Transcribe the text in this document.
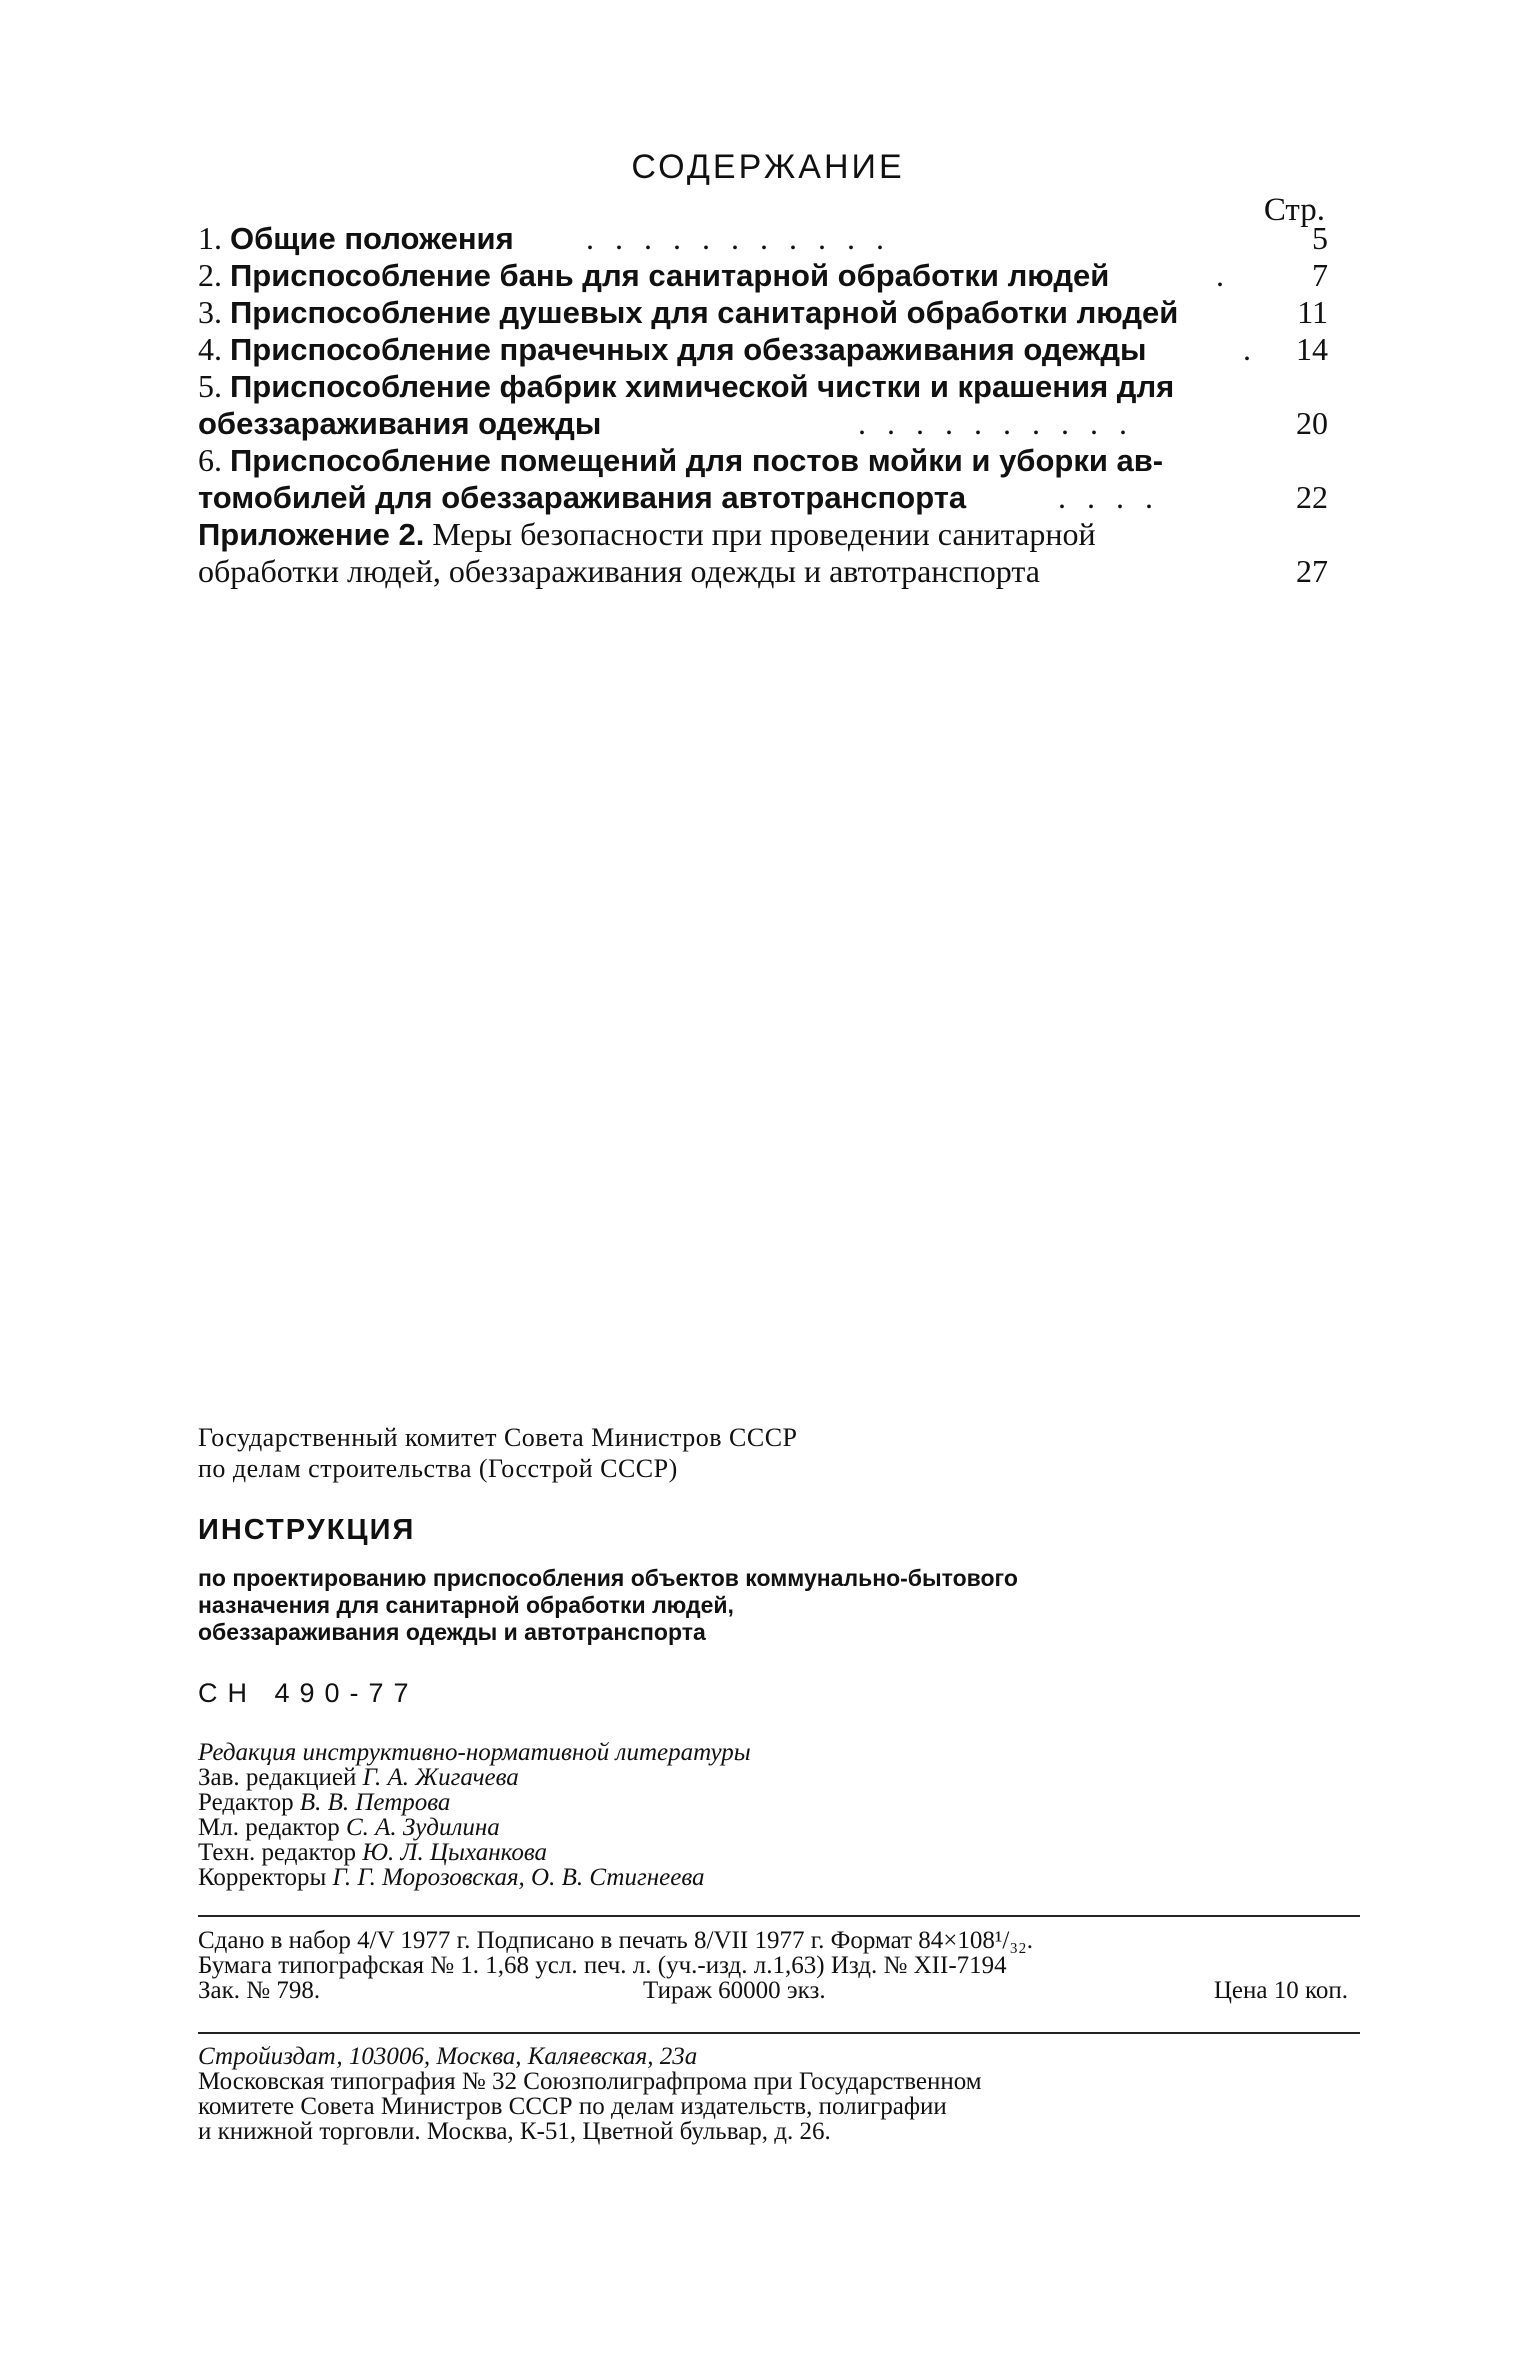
СОДЕРЖАНИЕ
Стр.
1. Общие положения ...........	5
2. Приспособление бань для санитарной обработки людей	.	7
3. Приспособление душевых для санитарной обработки людей	11
4. Приспособление прачечных для обеззараживания одежды	. 14
5. Приспособление фабрик химической чистки и крашения для
обеззараживания одежды	..........	20
6. Приспособление помещений для постов мойки и уборки ав-
томобилей для обеззараживания автотранспорта	....	22
Приложение 2. Меры безопасности при проведении санитарной
обработки людей, обеззараживания одежды и автотранспорта	27
Государственный комитет Совета Министров СССР
по делам строительства (Госстрой СССР)
ИНСТРУКЦИЯ
по проектированию приспособления объектов коммунально-бытового
назначения для санитарной обработки людей,
обеззараживания одежды и автотранспорта
СН 490-77
Редакция инструктивно-нормативной литературы
Зав. редакцией Г. А. Жигачева
Редактор В. В. Петрова
Мл. редактор С. А. Зудилина
Техн. редактор Ю. Л. Цыханкова
Корректоры Г. Г. Морозовская, О. В. Стигнеева
Сдано в набор 4/V 1977 г. Подписано в печать 8/VII 1977 г. Формат 84×108¹/₃₂.
Бумага типографская № 1. 1,68 усл. печ. л. (уч.-изд. л.1,63) Изд. № XII-7194
Зак. № 798.	Тираж 60000 экз.	Цена 10 коп.
Стройиздат, 103006, Москва, Каляевская, 23а
Московская типография № 32 Союзполиграфпрома при Государственном
комитете Совета Министров СССР по делам издательств, полиграфии
и книжной торговли. Москва, К-51, Цветной бульвар, д. 26.
